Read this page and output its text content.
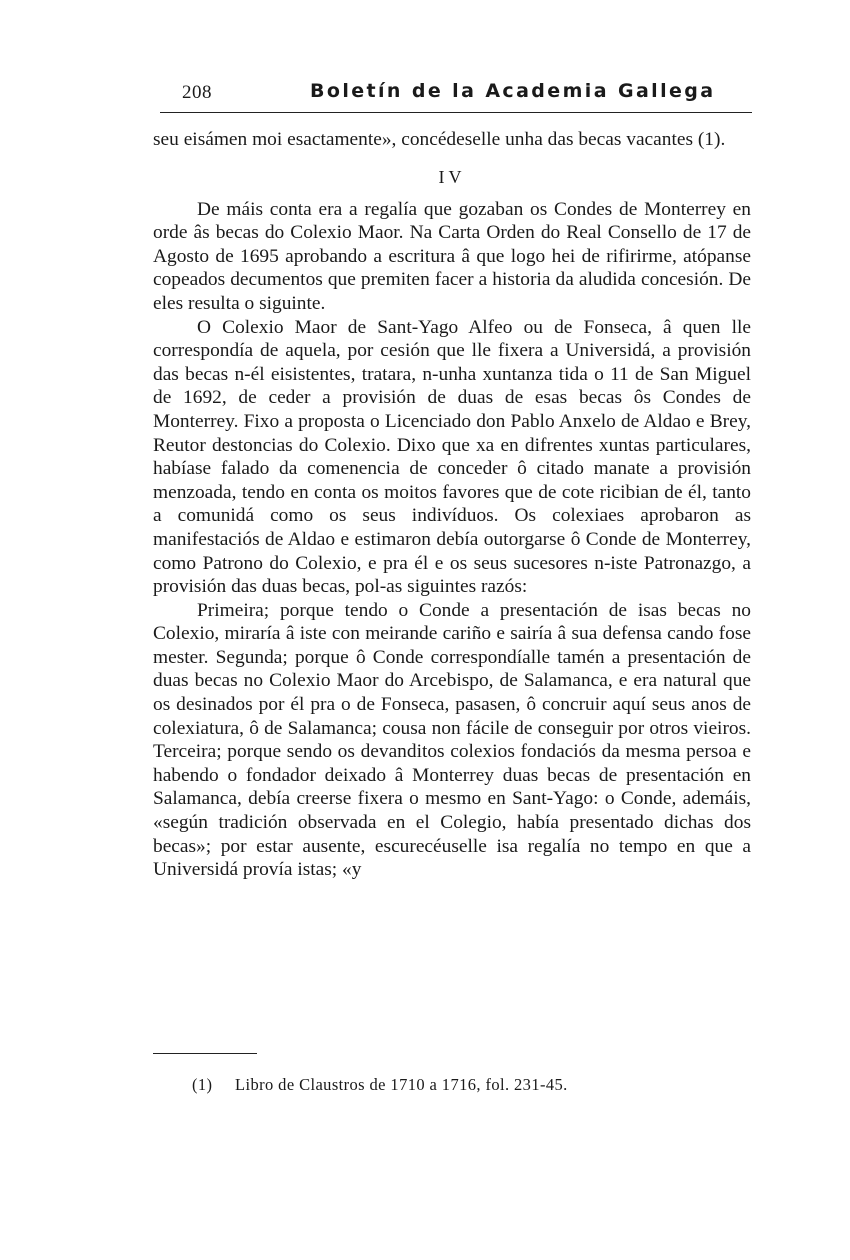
208	Boletín de la Academia Gallega

seu eisámen moi esactamente», concédeselle unha das becas vacantes (1).

IV

De máis conta era a regalía que gozaban os Condes de Monterrey en orde âs becas do Colexio Maor. Na Carta Orden do Real Consello de 17 de Agosto de 1695 aprobando a escritura â que logo hei de rifirirme, atópanse copeados decumentos que premiten facer a historia da aludida concesión. De eles resulta o siguinte.

O Colexio Maor de Sant-Yago Alfeo ou de Fonseca, â quen lle correspondía de aquela, por cesión que lle fixera a Universidá, a provisión das becas n-él eisistentes, tratara, n-unha xuntanza tida o 11 de San Miguel de 1692, de ceder a provisión de duas de esas becas ôs Condes de Monterrey. Fixo a proposta o Licenciado don Pablo Anxelo de Aldao e Brey, Reutor destoncias do Colexio. Dixo que xa en difrentes xuntas particulares, habíase falado da comenencia de conceder ô citado manate a provisión menzoada, tendo en conta os moitos favores que de cote ricibian de él, tanto a comunidá como os seus indivíduos. Os colexiaes aprobaron as manifestaciós de Aldao e estimaron debía outorgarse ô Conde de Monterrey, como Patrono do Colexio, e pra él e os seus sucesores n-iste Patronazgo, a provisión das duas becas, pol-as siguintes razós:

Primeira; porque tendo o Conde a presentación de isas becas no Colexio, miraría â iste con meirande cariño e sairía â sua defensa cando fose mester. Segunda; porque ô Conde correspondíalle tamén a presentación de duas becas no Colexio Maor do Arcebispo, de Salamanca, e era natural que os desinados por él pra o de Fonseca, pasasen, ô concruir aquí seus anos de colexiatura, ô de Salamanca; cousa non fácile de conseguir por otros vieiros. Terceira; porque sendo os devanditos colexios fondaciós da mesma persoa e habendo o fondador deixado â Monterrey duas becas de presentación en Salamanca, debía creerse fixera o mesmo en Sant-Yago: o Conde, ademáis, «según tradición observada en el Colegio, había presentado dichas dos becas»; por estar ausente, escurecéuselle isa regalía no tempo en que a Universidá provía istas; «y

(1) Libro de Claustros de 1710 a 1716, fol. 231-45.
